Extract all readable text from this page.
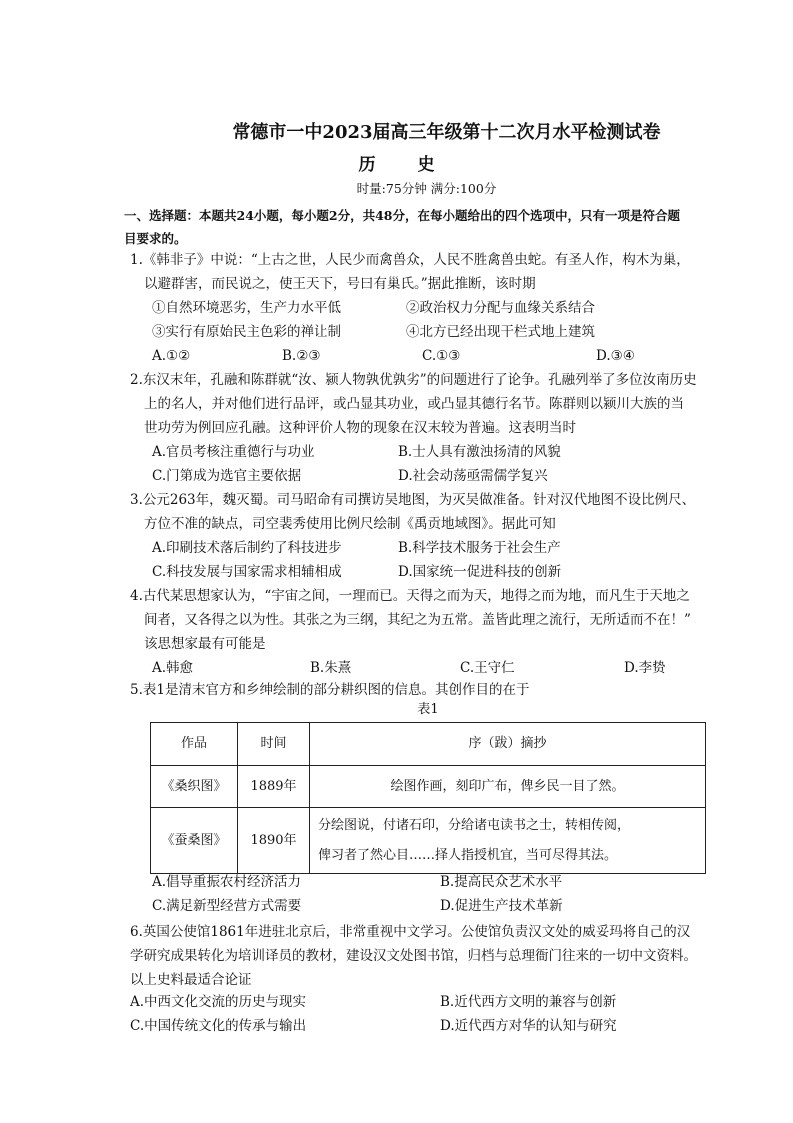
常德市一中2023届高三年级第十二次月水平检测试卷
历史
时量:75分钟 满分:100分
一、选择题：本题共24小题，每小题2分，共48分，在每小题给出的四个选项中，只有一项是符合题目要求的。
1.《韩非子》中说：“上古之世，人民少而禽兽众，人民不胜禽兽虫蛇。有圣人作，构木为巢，
以避群害，而民说之，使王天下，号曰有巢氏。”据此推断，该时期
①自然环境恶劣，生产力水平低	②政治权力分配与血缘关系结合
③实行有原始民主色彩的禅让制	④北方已经出现干栏式地上建筑
A.①②	B.②③	C.①③	D.③④
2.东汉末年，孔融和陈群就“汝、颍人物孰优孰劣”的问题进行了论争。孔融列举了多位汝南历史
上的名人，并对他们进行品评，或凸显其功业，或凸显其德行名节。陈群则以颍川大族的当
世功劳为例回应孔融。这种评价人物的现象在汉末较为普遍。这表明当时
A.官员考核注重德行与功业	B.士人具有激浊扬清的风貌
C.门第成为选官主要依据	D.社会动荡亟需儒学复兴
3.公元263年，魏灭蜀。司马昭命有司撰访吴地图，为灭吴做准备。针对汉代地图不设比例尺、
方位不准的缺点，司空裴秀使用比例尺绘制《禹贡地域图》。据此可知
A.印刷技术落后制约了科技进步	B.科学技术服务于社会生产
C.科技发展与国家需求相辅相成	D.国家统一促进科技的创新
4.古代某思想家认为，“宇宙之间，一理而已。天得之而为天，地得之而为地，而凡生于天地之
间者，又各得之以为性。其张之为三纲，其纪之为五常。盖皆此理之流行，无所适而不在！”
该思想家最有可能是
A.韩愈	B.朱熹	C.王守仁	D.李贽
5.表1是清末官方和乡绅绘制的部分耕织图的信息。其创作目的在于
表1
作品	时间	序（跋）摘抄
《桑织图》	1889年	绘图作画，刻印广布，俾乡民一目了然。
《蚕桑图》	1890年	分绘图说，付诸石印，分给诸屯读书之士，转相传阅，
俾习者了然心目……择人指授机宜，当可尽得其法。
A.倡导重振农村经济活力	B.提高民众艺术水平
C.满足新型经营方式需要	D.促进生产技术革新
6.英国公使馆1861年进驻北京后，非常重视中文学习。公使馆负责汉文处的威妥玛将自己的汉
学研究成果转化为培训译员的教材，建设汉文处图书馆，归档与总理衙门往来的一切中文资料。
以上史料最适合论证
A.中西文化交流的历史与现实	B.近代西方文明的兼容与创新
C.中国传统文化的传承与输出	D.近代西方对华的认知与研究
